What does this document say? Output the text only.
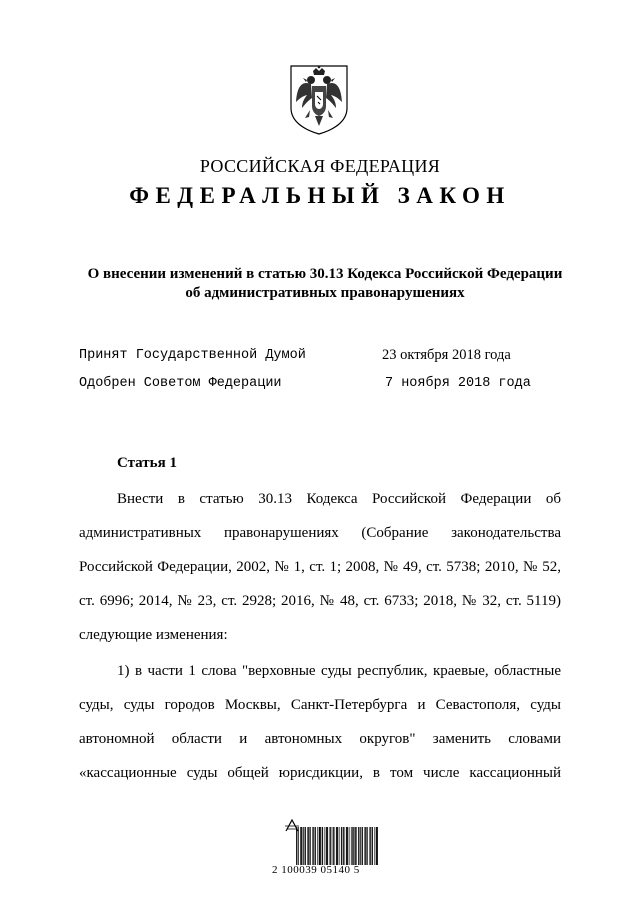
РОССИЙСКАЯ ФЕДЕРАЦИЯ
ФЕДЕРАЛЬНЫЙ ЗАКОН
О внесении изменений в статью 30.13 Кодекса Российской Федерации
об административных правонарушениях
Принят Государственной Думой	23 октября 2018 года
Одобрен Советом Федерации	7 ноября 2018 года
Статья 1
Внести в статью 30.13 Кодекса Российской Федерации об
административных правонарушениях (Собрание законодательства
Российской Федерации, 2002, № 1, ст. 1; 2008, № 49, ст. 5738; 2010, № 52,
ст. 6996; 2014, № 23, ст. 2928; 2016, № 48, ст. 6733; 2018, № 32, ст. 5119)
следующие изменения:
1) в части 1 слова "верховные суды республик, краевые, областные
суды, суды городов Москвы, Санкт-Петербурга и Севастополя, суды
автономной области и автономных округов" заменить словами
«кассационные суды общей юрисдикции, в том числе кассационный
2 100039 05140 5
